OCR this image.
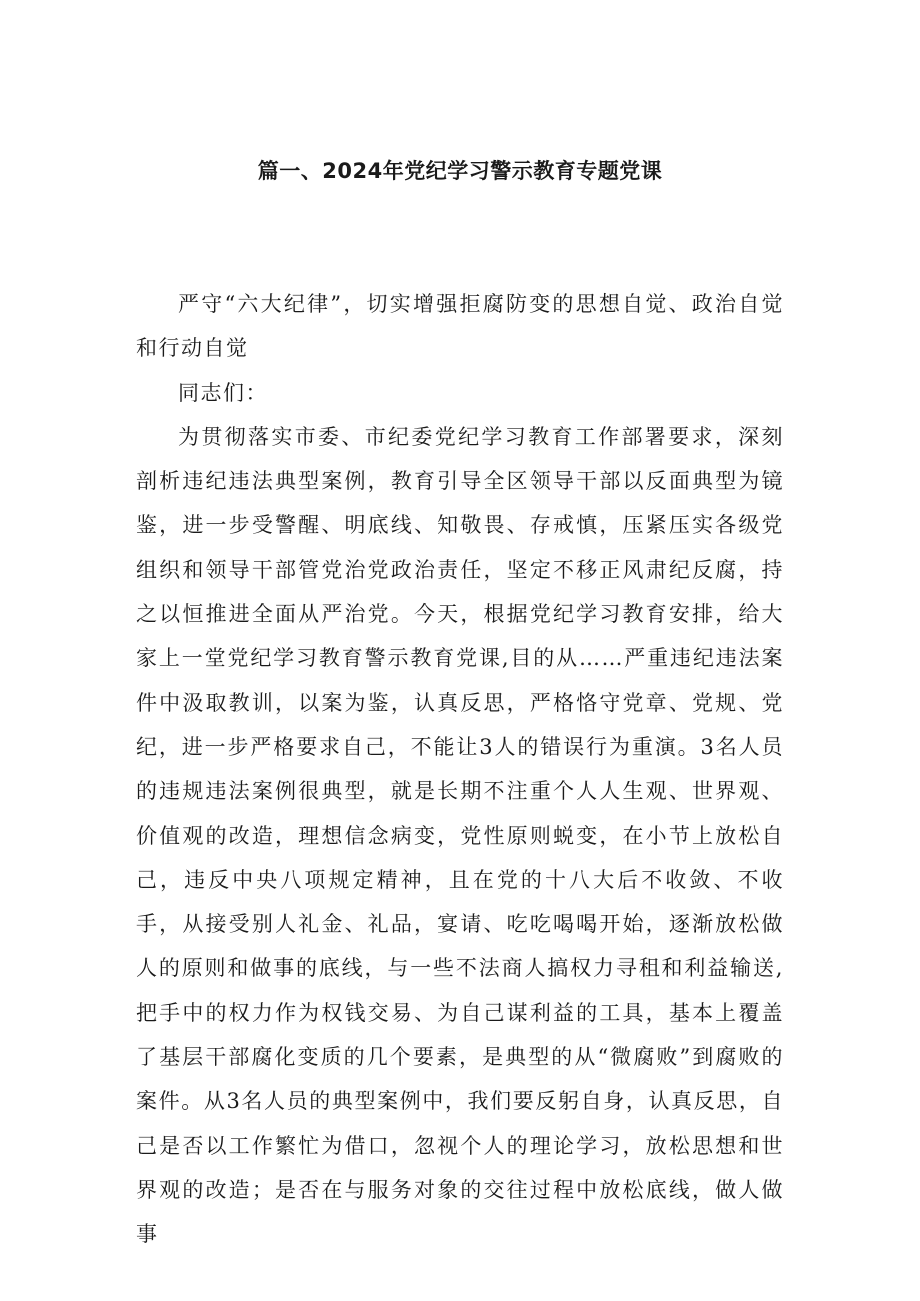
篇一、2024年党纪学习警示教育专题党课

严守“六大纪律”，切实增强拒腐防变的思想自觉、政治自觉和行动自觉

同志们：

为贯彻落实市委、市纪委党纪学习教育工作部署要求，深刻剖析违纪违法典型案例，教育引导全区领导干部以反面典型为镜鉴，进一步受警醒、明底线、知敬畏、存戒慎，压紧压实各级党组织和领导干部管党治党政治责任，坚定不移正风肃纪反腐，持之以恒推进全面从严治党。今天，根据党纪学习教育安排，给大家上一堂党纪学习教育警示教育党课,目的从……严重违纪违法案件中汲取教训，以案为鉴，认真反思，严格恪守党章、党规、党纪，进一步严格要求自己，不能让3人的错误行为重演。3名人员的违规违法案例很典型，就是长期不注重个人人生观、世界观、价值观的改造，理想信念病变，党性原则蜕变，在小节上放松自己，违反中央八项规定精神，且在党的十八大后不收敛、不收手，从接受别人礼金、礼品，宴请、吃吃喝喝开始，逐渐放松做人的原则和做事的底线，与一些不法商人搞权力寻租和利益输送,把手中的权力作为权钱交易、为自己谋利益的工具，基本上覆盖了基层干部腐化变质的几个要素，是典型的从“微腐败”到腐败的案件。从3名人员的典型案例中，我们要反躬自身，认真反思，自己是否以工作繁忙为借口，忽视个人的理论学习，放松思想和世界观的改造；是否在与服务对象的交往过程中放松底线，做人做事
